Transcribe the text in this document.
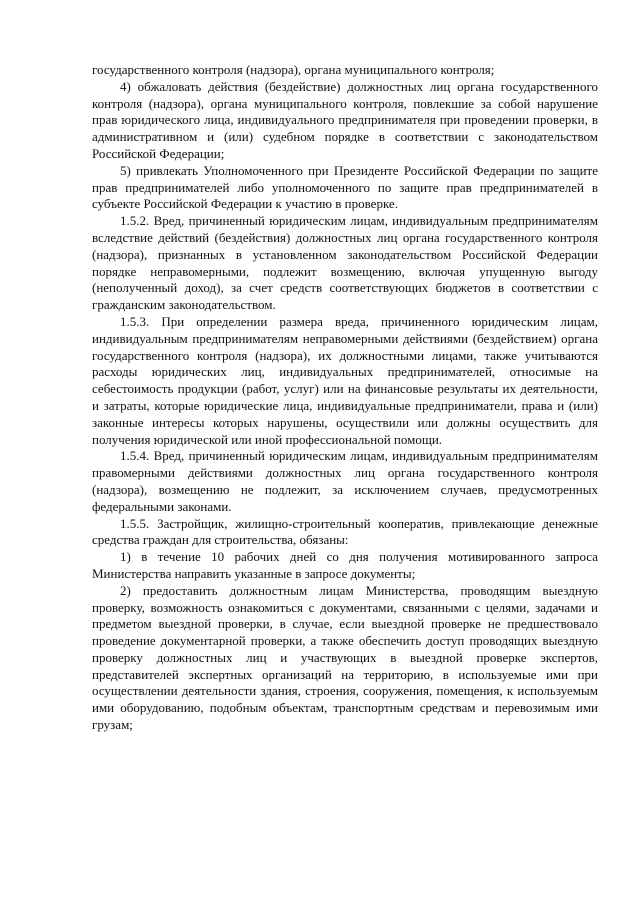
государственного контроля (надзора), органа муниципального контроля;

4) обжаловать действия (бездействие) должностных лиц органа государственного контроля (надзора), органа муниципального контроля, повлекшие за собой нарушение прав юридического лица, индивидуального предпринимателя при проведении проверки, в административном и (или) судебном порядке в соответствии с законодательством Российской Федерации;

5) привлекать Уполномоченного при Президенте Российской Федерации по защите прав предпринимателей либо уполномоченного по защите прав предпринимателей в субъекте Российской Федерации к участию в проверке.

1.5.2. Вред, причиненный юридическим лицам, индивидуальным предпринимателям вследствие действий (бездействия) должностных лиц органа государственного контроля (надзора), признанных в установленном законодательством Российской Федерации порядке неправомерными, подлежит возмещению, включая упущенную выгоду (неполученный доход), за счет средств соответствующих бюджетов в соответствии с гражданским законодательством.

1.5.3. При определении размера вреда, причиненного юридическим лицам, индивидуальным предпринимателям неправомерными действиями (бездействием) органа государственного контроля (надзора), их должностными лицами, также учитываются расходы юридических лиц, индивидуальных предпринимателей, относимые на себестоимость продукции (работ, услуг) или на финансовые результаты их деятельности, и затраты, которые юридические лица, индивидуальные предприниматели, права и (или) законные интересы которых нарушены, осуществили или должны осуществить для получения юридической или иной профессиональной помощи.

1.5.4. Вред, причиненный юридическим лицам, индивидуальным предпринимателям правомерными действиями должностных лиц органа государственного контроля (надзора), возмещению не подлежит, за исключением случаев, предусмотренных федеральными законами.

1.5.5. Застройщик, жилищно-строительный кооператив, привлекающие денежные средства граждан для строительства, обязаны:

1) в течение 10 рабочих дней со дня получения мотивированного запроса Министерства направить указанные в запросе документы;

2) предоставить должностным лицам Министерства, проводящим выездную проверку, возможность ознакомиться с документами, связанными с целями, задачами и предметом выездной проверки, в случае, если выездной проверке не предшествовало проведение документарной проверки, а также обеспечить доступ проводящих выездную проверку должностных лиц и участвующих в выездной проверке экспертов, представителей экспертных организаций на территорию, в используемые ими при осуществлении деятельности здания, строения, сооружения, помещения, к используемым ими оборудованию, подобным объектам, транспортным средствам и перевозимым ими грузам;
